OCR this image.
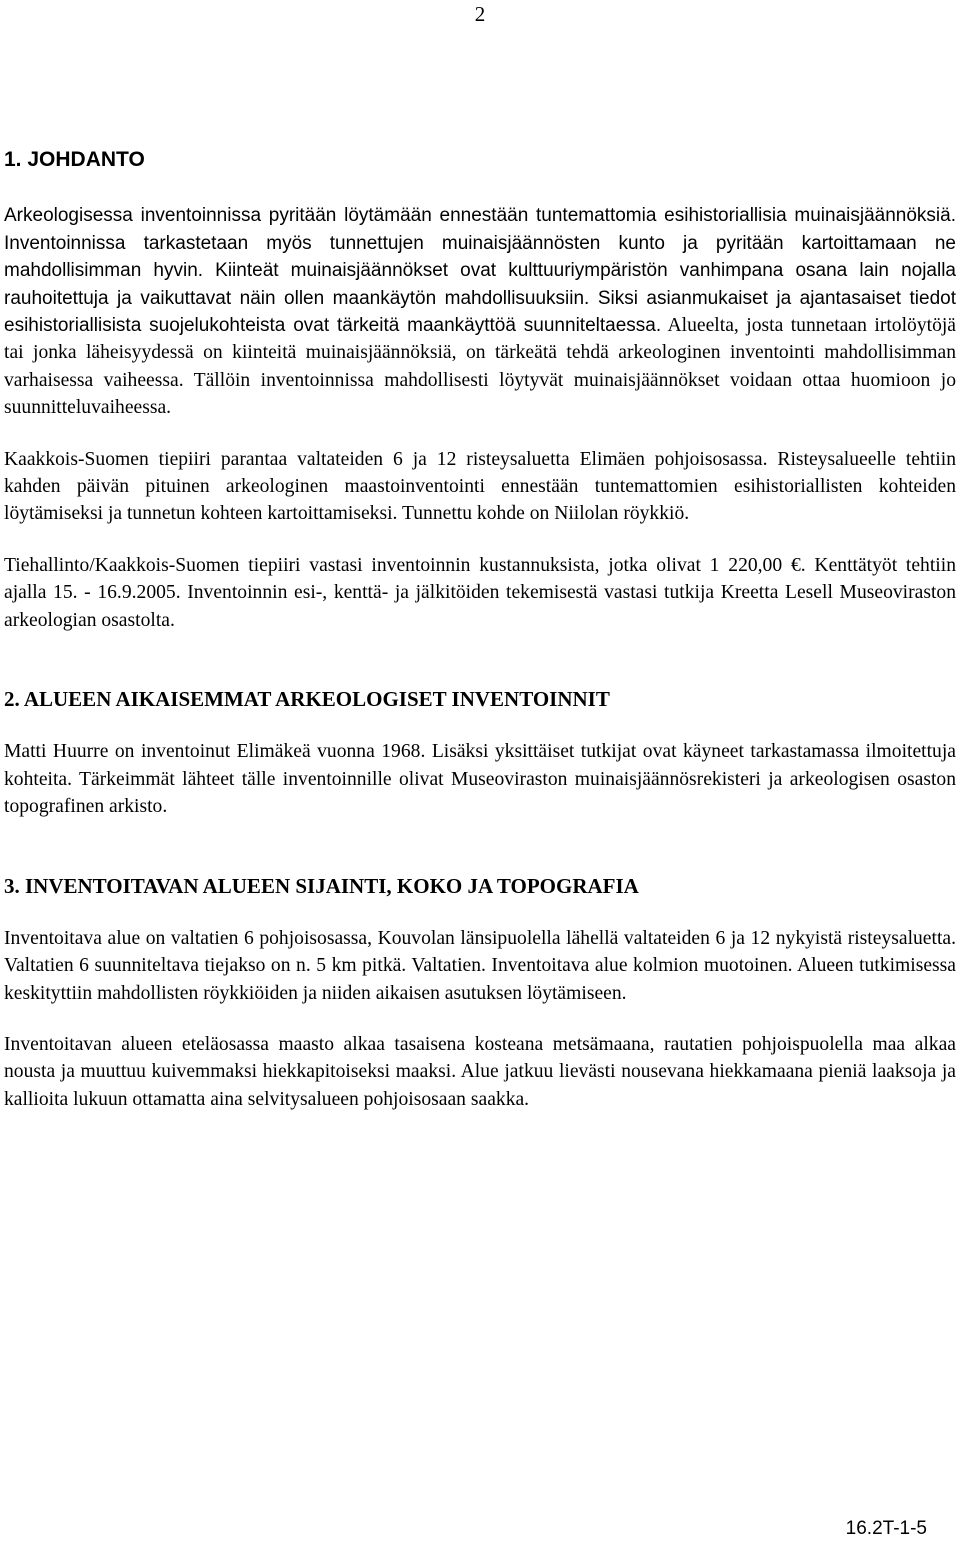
2
1. JOHDANTO

Arkeologisessa inventoinnissa pyritään löytämään ennestään tuntemattomia esihistoriallisia muinaisjäännöksiä. Inventoinnissa tarkastetaan myös tunnettujen muinaisjäännösten kunto ja pyritään kartoittamaan ne mahdollisimman hyvin. Kiinteät muinaisjäännökset ovat kulttuuriympäristön vanhimpana osana lain nojalla rauhoitettuja ja vaikuttavat näin ollen maankäytön mahdollisuuksiin. Siksi asianmukaiset ja ajantasaiset tiedot esihistoriallisista suojelukohteista ovat tärkeitä maankäyttöä suunniteltaessa. Alueelta, josta tunnetaan irtolöytöjä tai jonka läheisyydessä on kiinteitä muinaisjäännöksiä, on tärkeätä tehdä arkeologinen inventointi mahdollisimman varhaisessa vaiheessa. Tällöin inventoinnissa mahdollisesti löytyvät muinaisjäännökset voidaan ottaa huomioon jo suunnitteluvaiheessa.

Kaakkois-Suomen tiepiiri parantaa valtateiden 6 ja 12 risteysaluetta Elimäen pohjoisosassa. Risteysalueelle tehtiin kahden päivän pituinen arkeologinen maastoinventointi ennestään tuntemattomien esihistoriallisten kohteiden löytämiseksi ja tunnetun kohteen kartoittamiseksi. Tunnettu kohde on Niilolan röykkiö.

Tiehallinto/Kaakkois-Suomen tiepiiri vastasi inventoinnin kustannuksista, jotka olivat 1 220,00 €. Kenttätyöt tehtiin ajalla 15. - 16.9.2005. Inventoinnin esi-, kenttä- ja jälkitöiden tekemisestä vastasi tutkija Kreetta Lesell Museoviraston arkeologian osastolta.

2. ALUEEN AIKAISEMMAT ARKEOLOGISET INVENTOINNIT

Matti Huurre on inventoinut Elimäkeä vuonna 1968. Lisäksi yksittäiset tutkijat ovat käyneet tarkastamassa ilmoitettuja kohteita. Tärkeimmät lähteet tälle inventoinnille olivat Museoviraston muinaisjäännösrekisteri ja arkeologisen osaston topografinen arkisto.

3. INVENTOITAVAN ALUEEN SIJAINTI, KOKO JA TOPOGRAFIA

Inventoitava alue on valtatien 6 pohjoisosassa, Kouvolan länsipuolella lähellä valtateiden 6 ja 12 nykyistä risteysaluetta. Valtatien 6 suunniteltava tiejakso on n. 5 km pitkä. Valtatien. Inventoitava alue kolmion muotoinen. Alueen tutkimisessa keskityttiin mahdollisten röykkiöiden ja niiden aikaisen asutuksen löytämiseen.

Inventoitavan alueen eteläosassa maasto alkaa tasaisena kosteana metsämaana, rautatien pohjoispuolella maa alkaa nousta ja muuttuu kuivemmaksi hiekkapitoiseksi maaksi. Alue jatkuu lievästi nousevana hiekkamaana pieniä laaksoja ja kallioita lukuun ottamatta aina selvitysalueen pohjoisosaan saakka.

16.2T-1-5
